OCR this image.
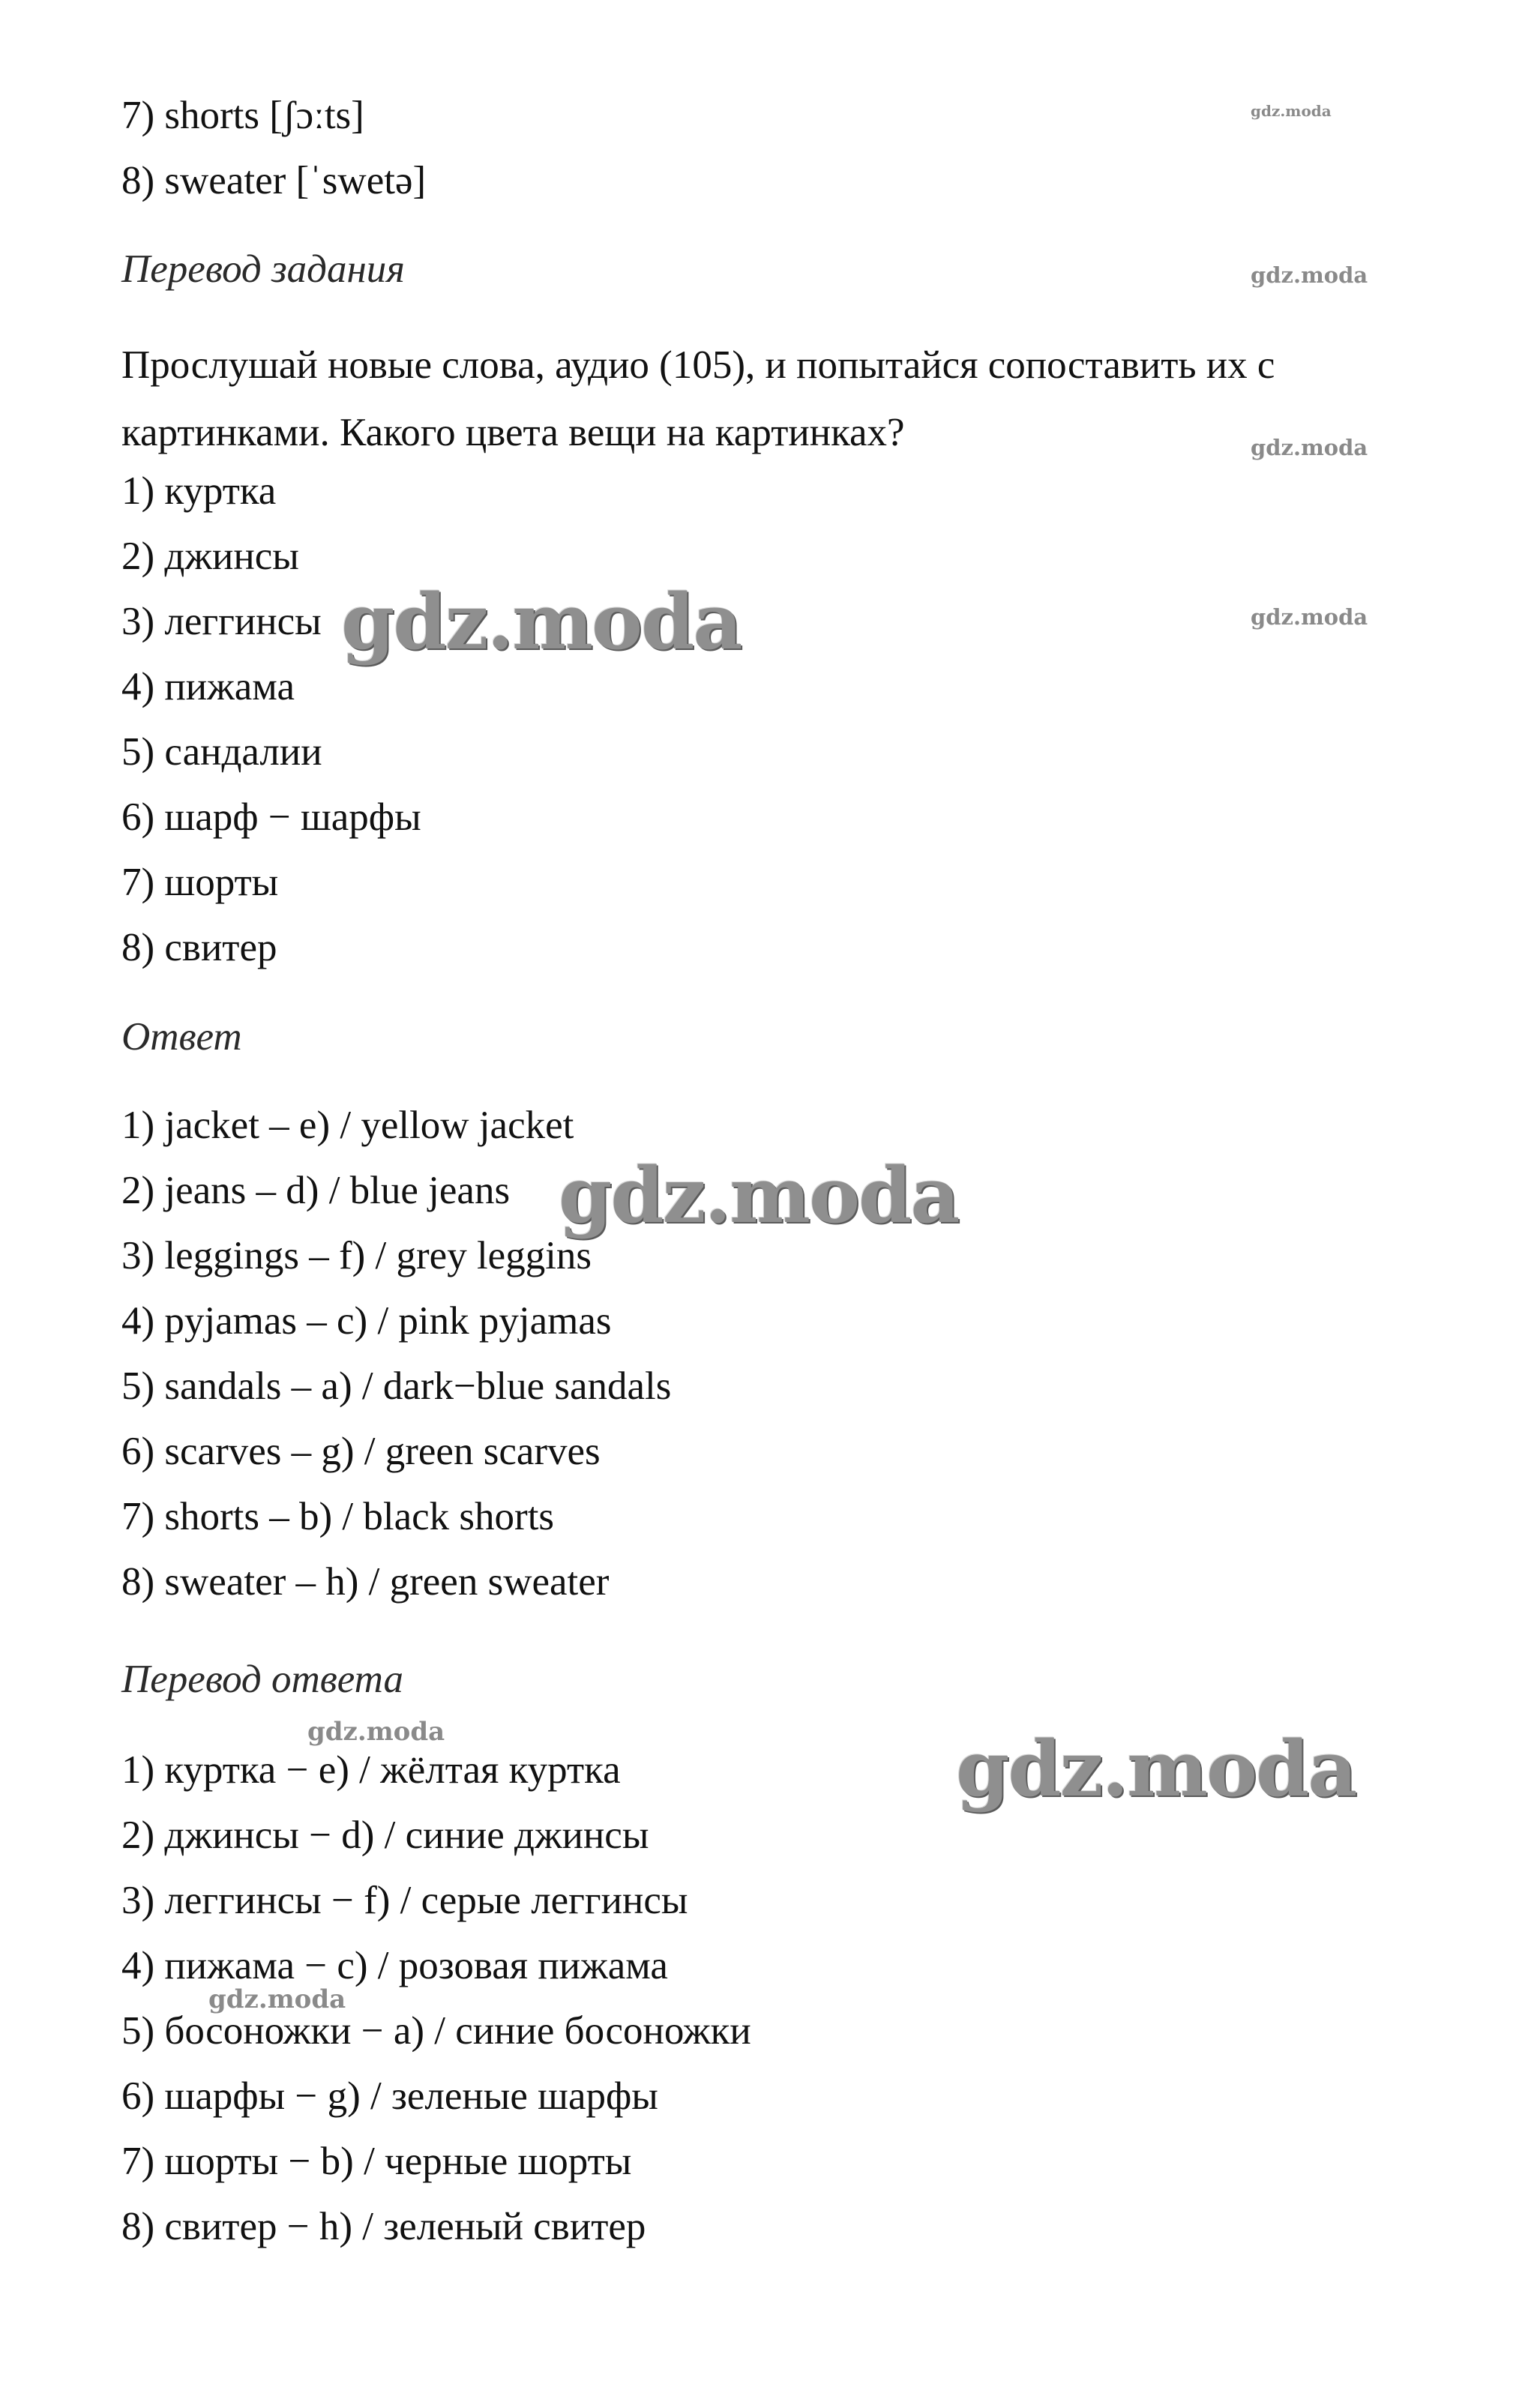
7) shorts [ʃɔːts]
8) sweater [ˈswetə]
Перевод задания
Прослушай новые слова, аудио (105), и попытайся сопоставить их с картинками. Какого цвета вещи на картинках?
1) куртка
2) джинсы
3) леггинсы
4) пижама
5) сандалии
6) шарф − шарфы
7) шорты
8) свитер
Ответ
1) jacket – e) / yellow jacket
2) jeans – d) / blue jeans
3) leggings – f) / grey leggins
4) pyjamas – c) / pink pyjamas
5) sandals – a) / dark−blue sandals
6) scarves – g) / green scarves
7) shorts – b) / black shorts
8) sweater – h) / green sweater
Перевод ответа
1) куртка − e) / жёлтая куртка
2) джинсы − d) / синие джинсы
3) леггинсы − f) / серые леггинсы
4) пижама − c) / розовая пижама
5) босоножки − a) / синие босоножки
6) шарфы − g) / зеленые шарфы
7) шорты − b) / черные шорты
8) свитер − h) / зеленый свитер
gdz.moda
gdz.moda
gdz.moda
gdz.moda
gdz.moda
gdz.moda
gdz.moda
gdz.moda
gdz.moda
